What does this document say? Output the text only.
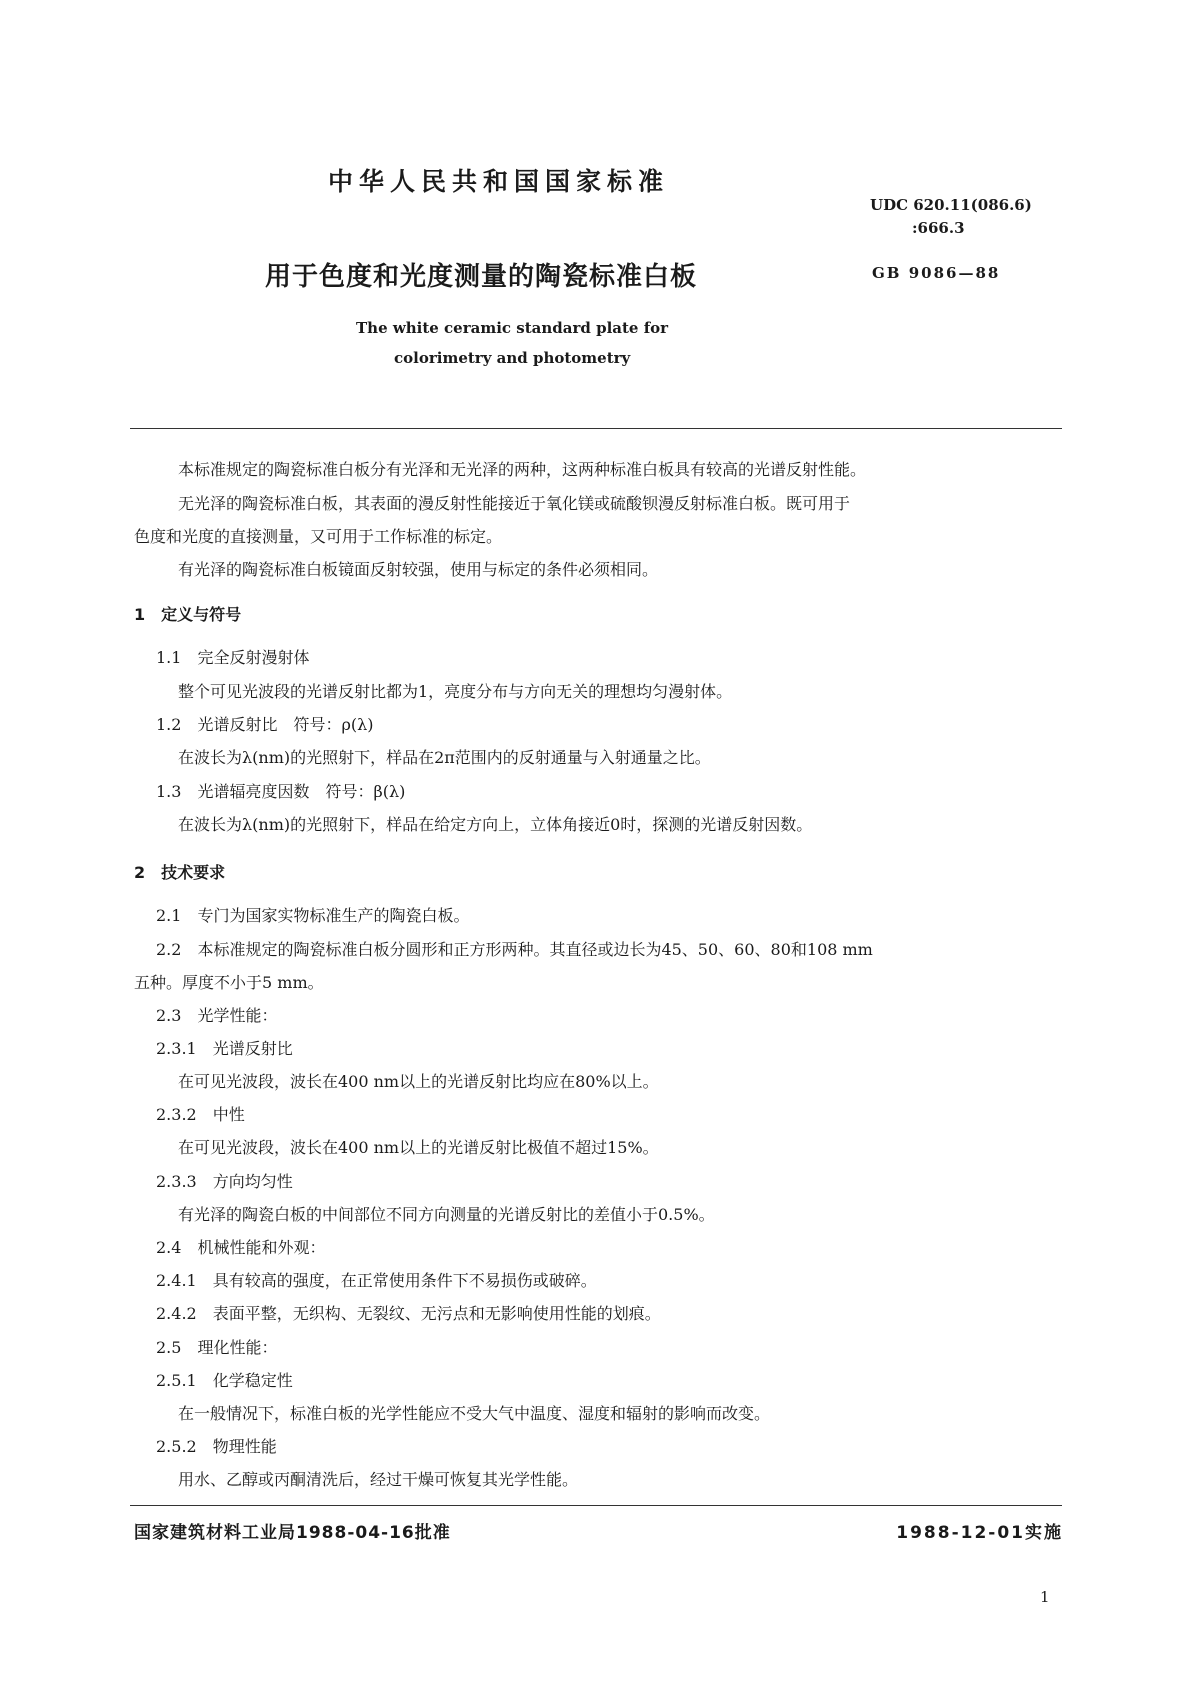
中华人民共和国国家标准
UDC 620.11(086.6)
:666.3
用于色度和光度测量的陶瓷标准白板	GB 9086—88
The white ceramic standard plate for
colorimetry and photometry
本标准规定的陶瓷标准白板分有光泽和无光泽的两种，这两种标准白板具有较高的光谱反射性能。
无光泽的陶瓷标准白板，其表面的漫反射性能接近于氧化镁或硫酸钡漫反射标准白板。既可用于
色度和光度的直接测量，又可用于工作标准的标定。
有光泽的陶瓷标准白板镜面反射较强，使用与标定的条件必须相同。
1　定义与符号
1.1　完全反射漫射体
整个可见光波段的光谱反射比都为1，亮度分布与方向无关的理想均匀漫射体。
1.2　光谱反射比　符号：ρ(λ)
在波长为λ(nm)的光照射下，样品在2π范围内的反射通量与入射通量之比。
1.3　光谱辐亮度因数　符号：β(λ)
在波长为λ(nm)的光照射下，样品在给定方向上，立体角接近0时，探测的光谱反射因数。
2　技术要求
2.1　专门为国家实物标准生产的陶瓷白板。
2.2　本标准规定的陶瓷标准白板分圆形和正方形两种。其直径或边长为45、50、60、80和108 mm
五种。厚度不小于5 mm。
2.3　光学性能：
2.3.1　光谱反射比
在可见光波段，波长在400 nm以上的光谱反射比均应在80%以上。
2.3.2　中性
在可见光波段，波长在400 nm以上的光谱反射比极值不超过15%。
2.3.3　方向均匀性
有光泽的陶瓷白板的中间部位不同方向测量的光谱反射比的差值小于0.5%。
2.4　机械性能和外观：
2.4.1　具有较高的强度，在正常使用条件下不易损伤或破碎。
2.4.2　表面平整，无织构、无裂纹、无污点和无影响使用性能的划痕。
2.5　理化性能：
2.5.1　化学稳定性
在一般情况下，标准白板的光学性能应不受大气中温度、湿度和辐射的影响而改变。
2.5.2　物理性能
用水、乙醇或丙酮清洗后，经过干燥可恢复其光学性能。
国家建筑材料工业局1988-04-16批准	1988-12-01实施
1
